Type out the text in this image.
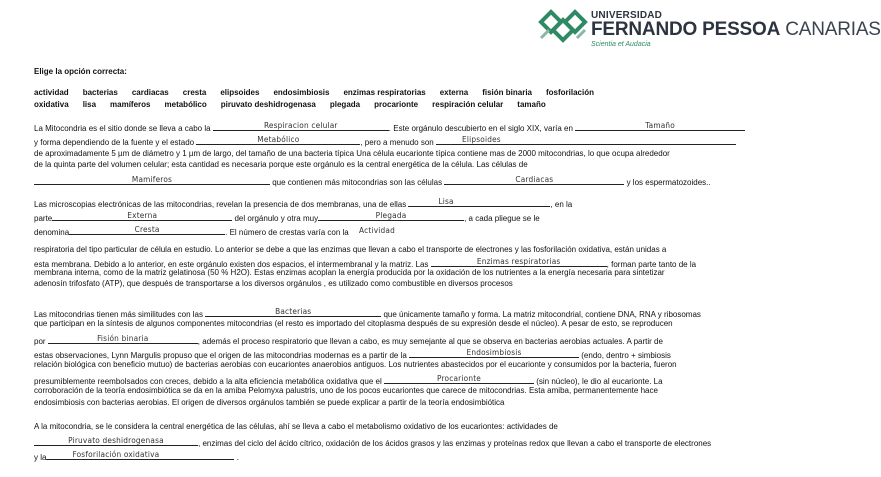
UNIVERSIDAD
FERNANDO PESSOA CANARIAS
Scientia et Audacia
Elige la opción correcta:
actividad bacterias cardiacas cresta elipsoides endosimbiosis enzimas respiratorias externa fisión binaria fosforilación oxidativa lisa mamíferos metabólico piruvato deshidrogenasa plegada procarionte respiración celular tamaño
La Mitocondria es el sitio donde se lleva a cabo la	Respiracion celular	. Este orgánulo descubierto en el siglo XIX, varía en	Tamaño
y forma dependiendo de la fuente y el estado	Metabólico	, pero a menudo son	Elipsoides
de aproximadamente 5 µm de diámetro y 1 µm de largo, del tamaño de una bacteria típica Una célula eucarionte típica contiene mas de 2000 mitocondrias, lo que ocupa alrededor
de la quinta parte del volumen celular; esta cantidad es necesaria porque este orgánulo es la central energética de la célula. Las células de
Mamiferos	que contienen más mitocondrias son las células	Cardiacas	y los espermatozoides..
Las microscopias electrónicas de las mitocondrias, revelan la presencia de dos membranas, una de ellas	Lisa	, en la
parte	Externa	del orgánulo y otra muy	Plegada	, a cada pliegue se le
denomina	Cresta	. El número de crestas varía con la	Actividad
respiratoria del tipo particular de célula en estudio. Lo anterior se debe a que las enzimas que llevan a cabo el transporte de electrones y las fosforilación oxidativa, están unidas a
esta membrana. Debido a lo anterior, en este orgánulo existen dos espacios, el intermembranal y la matriz. Las	Enzimas respiratorias	, forman parte tanto de la
membrana interna, como de la matriz gelatinosa (50 % H2O). Estas enzimas acoplan la energía producida por la oxidación de los nutrientes a la energía necesaria para sintetizar
adenosín trifosfato (ATP), que después de transportarse a los diversos orgánulos , es utilizado como combustible en diversos procesos
Las mitocondrias tienen más similitudes con las	Bacterias	que únicamente tamaño y forma. La matriz mitocondrial, contiene DNA, RNA y ribosomas
que participan en la síntesis de algunos componentes mitocondrias (el resto es importado del citoplasma después de su expresión desde el núcleo). A pesar de esto, se reproducen
por	Fisión binaria	, además el proceso respiratorio que llevan a cabo, es muy semejante al que se observa en bacterias aerobias actuales. A partir de
estas observaciones, Lynn Margulis propuso que el origen de las mitocondrias modernas es a partir de la	Endosimbiosis	(endo, dentro + simbiosis
relación biológica con beneficio mutuo) de bacterias aerobias con eucariontes anaerobios antiguos. Los nutrientes abastecidos por el eucarionte y consumidos por la bacteria, fueron
presumiblemente reembolsados con creces, debido a la alta eficiencia metabólica oxidativa que el	Procarionte	(sin núcleo), le dio al eucarionte. La
corroboración de la teoría endosimbiótica se da en la amiba Pelomyxa palustris, uno de los pocos eucariontes que carece de mitocondrias. Esta amiba, permanentemente hace
endosimbiosis con bacterias aerobias. El origen de diversos orgánulos también se puede explicar a partir de la teoría endosimbiótica
A la mitocondria, se le considera la central energética de las células, ahí se lleva a cabo el metabolismo oxidativo de los eucariontes: actividades de
Piruvato deshidrogenasa	, enzimas del ciclo del ácido cítrico, oxidación de los ácidos grasos y las enzimas y proteínas redox que llevan a cabo el transporte de electrones
y la	Fosforilación oxidativa	.
